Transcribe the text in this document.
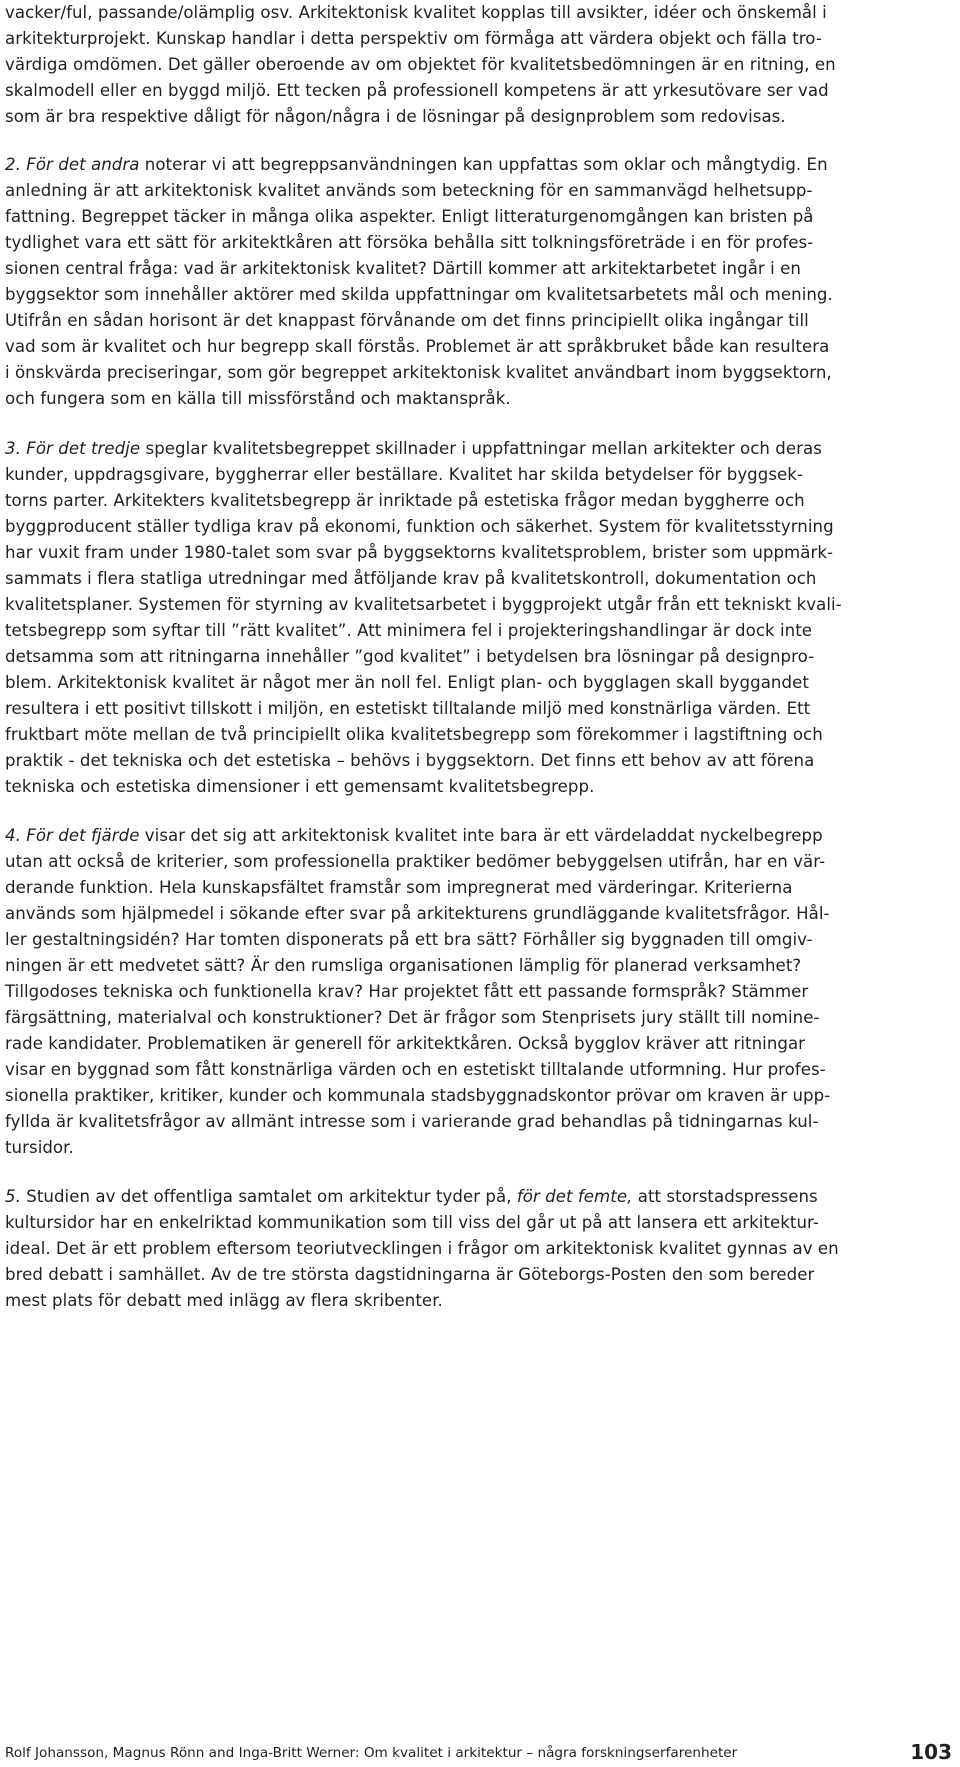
vacker/ful, passande/olämplig osv. Arkitektonisk kvalitet kopplas till avsikter, idéer och önskemål i
arkitekturprojekt. Kunskap handlar i detta perspektiv om förmåga att värdera objekt och fälla tro-
värdiga omdömen. Det gäller oberoende av om objektet för kvalitetsbedömningen är en ritning, en
skalmodell eller en byggd miljö. Ett tecken på professionell kompetens är att yrkesutövare ser vad
som är bra respektive dåligt för någon/några i de lösningar på designproblem som redovisas.
2. För det andra noterar vi att begreppsanvändningen kan uppfattas som oklar och mångtydig. En
anledning är att arkitektonisk kvalitet används som beteckning för en sammanvägd helhetsupp-
fattning. Begreppet täcker in många olika aspekter. Enligt litteraturgenomgången kan bristen på
tydlighet vara ett sätt för arkitektkåren att försöka behålla sitt tolkningsföreträde i en för profes-
sionen central fråga: vad är arkitektonisk kvalitet? Därtill kommer att arkitektarbetet ingår i en
byggsektor som innehåller aktörer med skilda uppfattningar om kvalitetsarbetets mål och mening.
Utifrån en sådan horisont är det knappast förvånande om det finns principiellt olika ingångar till
vad som är kvalitet och hur begrepp skall förstås. Problemet är att språkbruket både kan resultera
i önskvärda preciseringar, som gör begreppet arkitektonisk kvalitet användbart inom byggsektorn,
och fungera som en källa till missförstånd och maktanspråk.
3. För det tredje speglar kvalitetsbegreppet skillnader i uppfattningar mellan arkitekter och deras
kunder, uppdragsgivare, byggherrar eller beställare. Kvalitet har skilda betydelser för byggsek-
torns parter. Arkitekters kvalitetsbegrepp är inriktade på estetiska frågor medan byggherre och
byggproducent ställer tydliga krav på ekonomi, funktion och säkerhet. System för kvalitetsstyrning
har vuxit fram under 1980-talet som svar på byggsektorns kvalitetsproblem, brister som uppmärk-
sammats i flera statliga utredningar med åtföljande krav på kvalitetskontroll, dokumentation och
kvalitetsplaner. Systemen för styrning av kvalitetsarbetet i byggprojekt utgår från ett tekniskt kvali-
tetsbegrepp som syftar till ”rätt kvalitet”. Att minimera fel i projekteringshandlingar är dock inte
detsamma som att ritningarna innehåller ”god kvalitet” i betydelsen bra lösningar på designpro-
blem. Arkitektonisk kvalitet är något mer än noll fel. Enligt plan- och bygglagen skall byggandet
resultera i ett positivt tillskott i miljön, en estetiskt tilltalande miljö med konstnärliga värden. Ett
fruktbart möte mellan de två principiellt olika kvalitetsbegrepp som förekommer i lagstiftning och
praktik - det tekniska och det estetiska – behövs i byggsektorn. Det finns ett behov av att förena
tekniska och estetiska dimensioner i ett gemensamt kvalitetsbegrepp.
4. För det fjärde visar det sig att arkitektonisk kvalitet inte bara är ett värdeladdat nyckelbegrepp
utan att också de kriterier, som professionella praktiker bedömer bebyggelsen utifrån, har en vär-
derande funktion. Hela kunskapsfältet framstår som impregnerat med värderingar. Kriterierna
används som hjälpmedel i sökande efter svar på arkitekturens grundläggande kvalitetsfrågor. Hål-
ler gestaltningsidén? Har tomten disponerats på ett bra sätt? Förhåller sig byggnaden till omgiv-
ningen är ett medvetet sätt? Är den rumsliga organisationen lämplig för planerad verksamhet?
Tillgodoses tekniska och funktionella krav? Har projektet fått ett passande formspråk? Stämmer
färgsättning, materialval och konstruktioner? Det är frågor som Stenprisets jury ställt till nomine-
rade kandidater. Problematiken är generell för arkitektkåren. Också bygglov kräver att ritningar
visar en byggnad som fått konstnärliga värden och en estetiskt tilltalande utformning. Hur profes-
sionella praktiker, kritiker, kunder och kommunala stadsbyggnadskontor prövar om kraven är upp-
fyllda är kvalitetsfrågor av allmänt intresse som i varierande grad behandlas på tidningarnas kul-
tursidor.
5. Studien av det offentliga samtalet om arkitektur tyder på, för det femte, att storstadspressens
kultursidor har en enkelriktad kommunikation som till viss del går ut på att lansera ett arkitektur-
ideal. Det är ett problem eftersom teoriutvecklingen i frågor om arkitektonisk kvalitet gynnas av en
bred debatt i samhället. Av de tre största dagstidningarna är Göteborgs-Posten den som bereder
mest plats för debatt med inlägg av flera skribenter.
Rolf Johansson, Magnus Rönn and Inga-Britt Werner: Om kvalitet i arkitektur – några forskningserfarenheter	103
